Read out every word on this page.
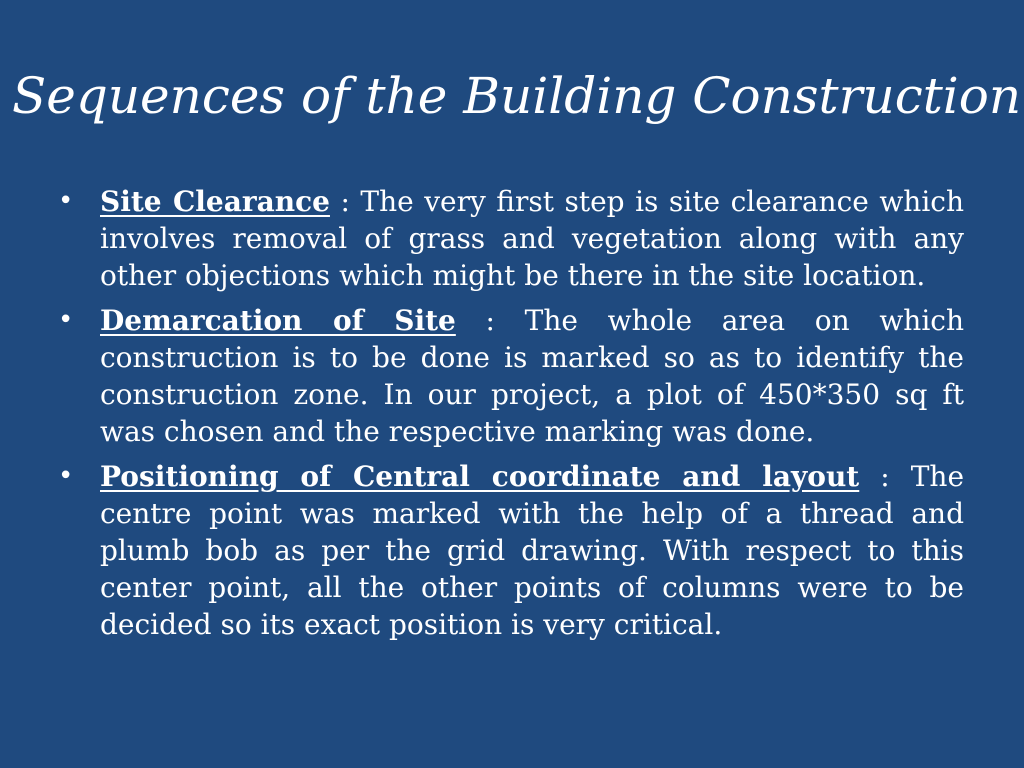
Sequences of the Building Construction
• Site Clearance : The very first step is site clearance which involves removal of grass and vegetation along with any other objections which might be there in the site location.
• Demarcation of Site : The whole area on which construction is to be done is marked so as to identify the construction zone. In our project, a plot of 450*350 sq ft was chosen and the respective marking was done.
• Positioning of Central coordinate and layout : The centre point was marked with the help of a thread and plumb bob as per the grid drawing. With respect to this center point, all the other points of columns were to be decided so its exact position is very critical.
